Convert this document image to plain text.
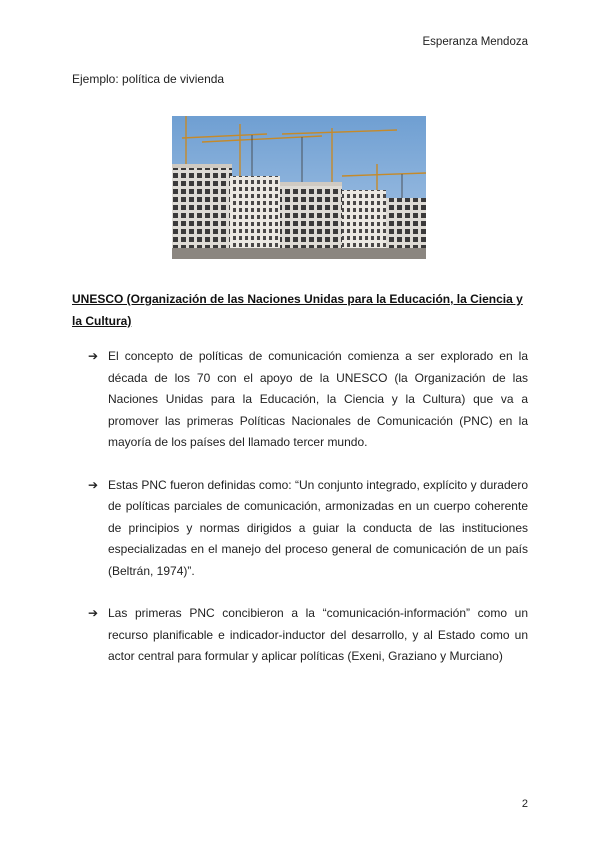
Esperanza Mendoza
Ejemplo: política de vivienda
UNESCO (Organización de las Naciones Unidas para la Educación, la Ciencia y la Cultura)
➔ El concepto de políticas de comunicación comienza a ser explorado en la década de los 70 con el apoyo de la UNESCO (la Organización de las Naciones Unidas para la Educación, la Ciencia y la Cultura) que va a promover las primeras Políticas Nacionales de Comunicación (PNC) en la mayoría de los países del llamado tercer mundo.
➔ Estas PNC fueron definidas como: “Un conjunto integrado, explícito y duradero de políticas parciales de comunicación, armonizadas en un cuerpo coherente de principios y normas dirigidos a guiar la conducta de las instituciones especializadas en el manejo del proceso general de comunicación de un país (Beltrán, 1974)”.
➔ Las primeras PNC concibieron a la “comunicación-información” como un recurso planificable e indicador-inductor del desarrollo, y al Estado como un actor central para formular y aplicar políticas (Exeni, Graziano y Murciano)
2
